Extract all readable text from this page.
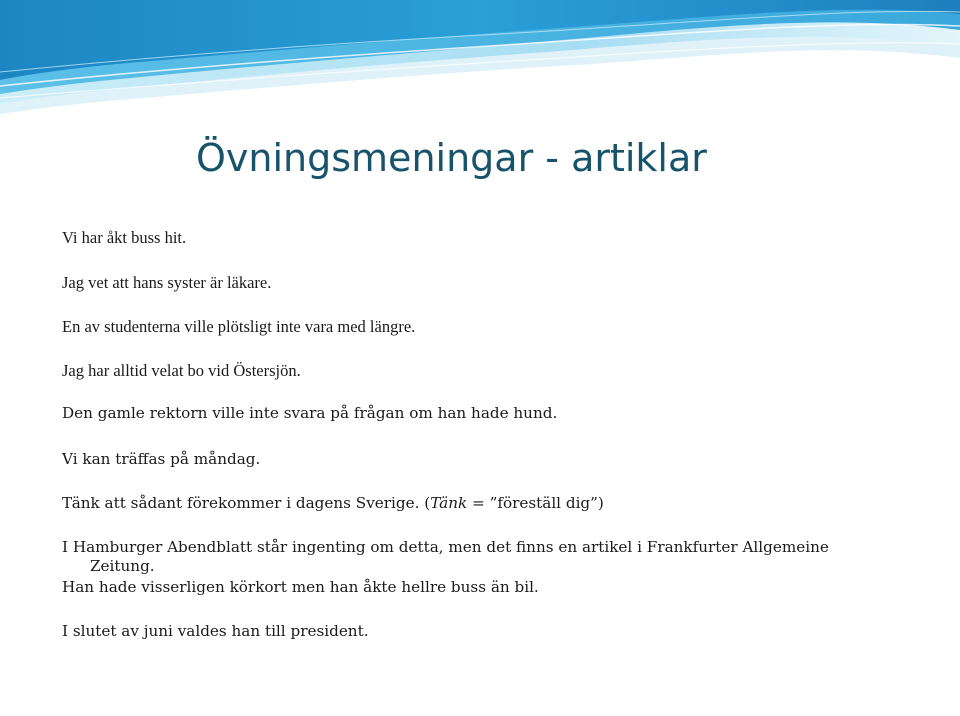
Övningsmeningar - artiklar

Vi har åkt buss hit.

Jag vet att hans syster är läkare.

En av studenterna ville plötsligt inte vara med längre.

Jag har alltid velat bo vid Östersjön.

Den gamle rektorn ville inte svara på frågan om han hade hund.

Vi kan träffas på måndag.

Tänk att sådant förekommer i dagens Sverige. (Tänk = ”föreställ dig”)

I Hamburger Abendblatt står ingenting om detta, men det finns en artikel i Frankfurter Allgemeine
Zeitung.

Han hade visserligen körkort men han åkte hellre buss än bil.

I slutet av juni valdes han till president.
